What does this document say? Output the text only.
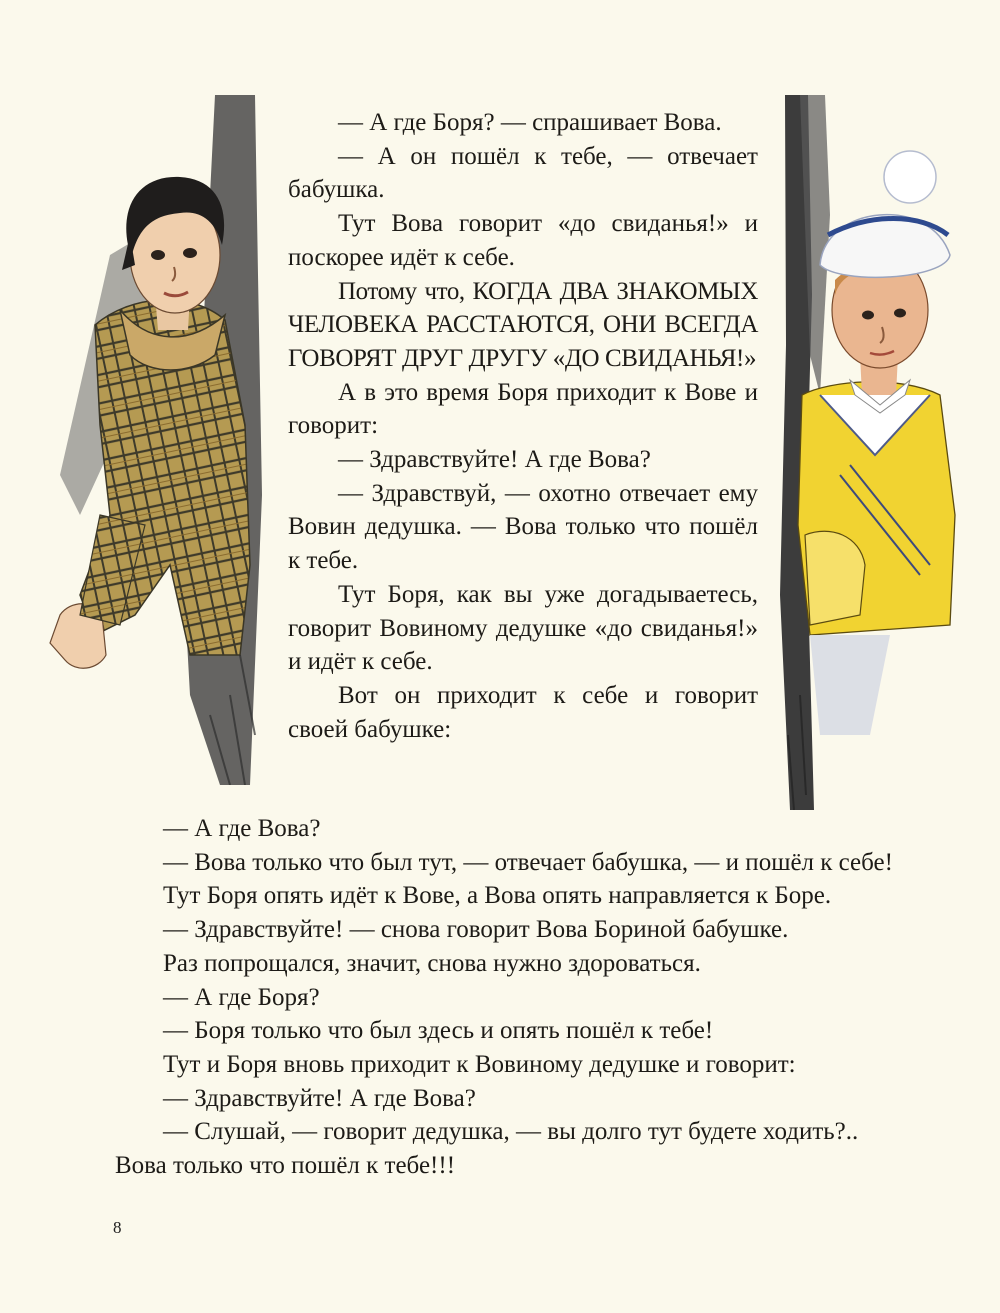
— А где Боря? — спрашивает Вова.

— А он пошёл к тебе, — отвечает бабушка.

Тут Вова говорит «до свиданья!» и поскорее идёт к себе.

Потому что, КОГДА ДВА ЗНАКОМЫХ ЧЕЛОВЕКА РАССТАЮТСЯ, ОНИ ВСЕГДА ГОВОРЯТ ДРУГ ДРУГУ «ДО СВИДАНЬЯ!»

А в это время Боря приходит к Вове и говорит:

— Здравствуйте! А где Вова?

— Здравствуй, — охотно отвечает ему Вовин дедушка. — Вова только что пошёл к тебе.

Тут Боря, как вы уже догадываетесь, говорит Вовиному дедушке «до свиданья!» и идёт к себе.

Вот он приходит к себе и говорит своей бабушке:

— А где Вова?

— Вова только что был тут, — отвечает бабушка, — и пошёл к себе!

Тут Боря опять идёт к Вове, а Вова опять направляется к Боре.

— Здравствуйте! — снова говорит Вова Бориной бабушке.

Раз попрощался, значит, снова нужно здороваться.

— А где Боря?

— Боря только что был здесь и опять пошёл к тебе!

Тут и Боря вновь приходит к Вовиному дедушке и говорит:

— Здравствуйте! А где Вова?

— Слушай, — говорит дедушка, — вы долго тут будете ходить?..

Вова только что пошёл к тебе!!!

8
